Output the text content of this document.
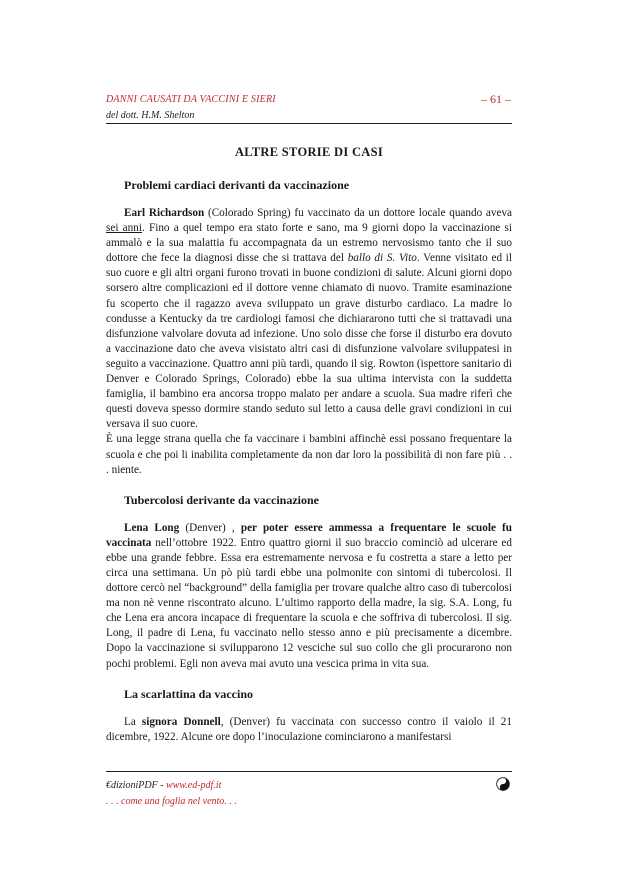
DANNI CAUSATI DA VACCINI E SIERI	– 61 –
del dott. H.M. Shelton
ALTRE STORIE DI CASI
Problemi cardiaci derivanti da vaccinazione

Earl Richardson (Colorado Spring) fu vaccinato da un dottore locale quando aveva sei anni. Fino a quel tempo era stato forte e sano, ma 9 giorni dopo la vaccinazione si ammalò e la sua malattia fu accompagnata da un estremo nervosismo tanto che il suo dottore che fece la diagnosi disse che si trattava del ballo di S. Vito. Venne visitato ed il suo cuore e gli altri organi furono trovati in buone condizioni di salute. Alcuni giorni dopo sorsero altre complicazioni ed il dottore venne chiamato di nuovo. Tramite esaminazione fu scoperto che il ragazzo aveva sviluppato un grave disturbo cardiaco. La madre lo condusse a Kentucky da tre cardiologi famosi che dichiararono tutti che si trattavadi una disfunzione valvolare dovuta ad infezione. Uno solo disse che forse il disturbo era dovuto a vaccinazione dato che aveva visistato altri casi di disfunzione valvolare sviluppatesi in seguito a vaccinazione. Quattro anni più tardi, quando il sig. Rowton (ispettore sanitario di Denver e Colorado Springs, Colorado) ebbe la sua ultima intervista con la suddetta famiglia, il bambino era ancorsa troppo malato per andare a scuola. Sua madre riferì che questi doveva spesso dormire stando seduto sul letto a causa delle gravi condizioni in cui versava il suo cuore.

È una legge strana quella che fa vaccinare i bambini affinchè essi possano frequentare la scuola e che poi li inabilita completamente da non dar loro la possibilità di non fare più . . . niente.

Tubercolosi derivante da vaccinazione

Lena Long (Denver) , per poter essere ammessa a frequentare le scuole fu vaccinata nell’ottobre 1922. Entro quattro giorni il suo braccio cominciò ad ulcerare ed ebbe una grande febbre. Essa era estremamente nervosa e fu costretta a stare a letto per circa una settimana. Un pò più tardi ebbe una polmonite con sintomi di tubercolosi. Il dottore cercò nel “background” della famiglia per trovare qualche altro caso di tubercolosi ma non nè venne riscontrato alcuno. L’ultimo rapporto della madre, la sig. S.A. Long, fu che Lena era ancora incapace di frequentare la scuola e che soffriva di tubercolosi. Il sig. Long, il padre di Lena, fu vaccinato nello stesso anno e più precisamente a dicembre. Dopo la vaccinazione si svilupparono 12 vesciche sul suo collo che gli procurarono non pochi problemi. Egli non aveva mai avuto una vescica prima in vita sua.

La scarlattina da vaccino

La signora Donnell, (Denver) fu vaccinata con successo contro il vaiolo il 21 dicembre, 1922. Alcune ore dopo l’inoculazione cominciarono a manifestarsi

€dizioniPDF - www.ed-pdf.it
. . . come una foglia nel vento. . .
